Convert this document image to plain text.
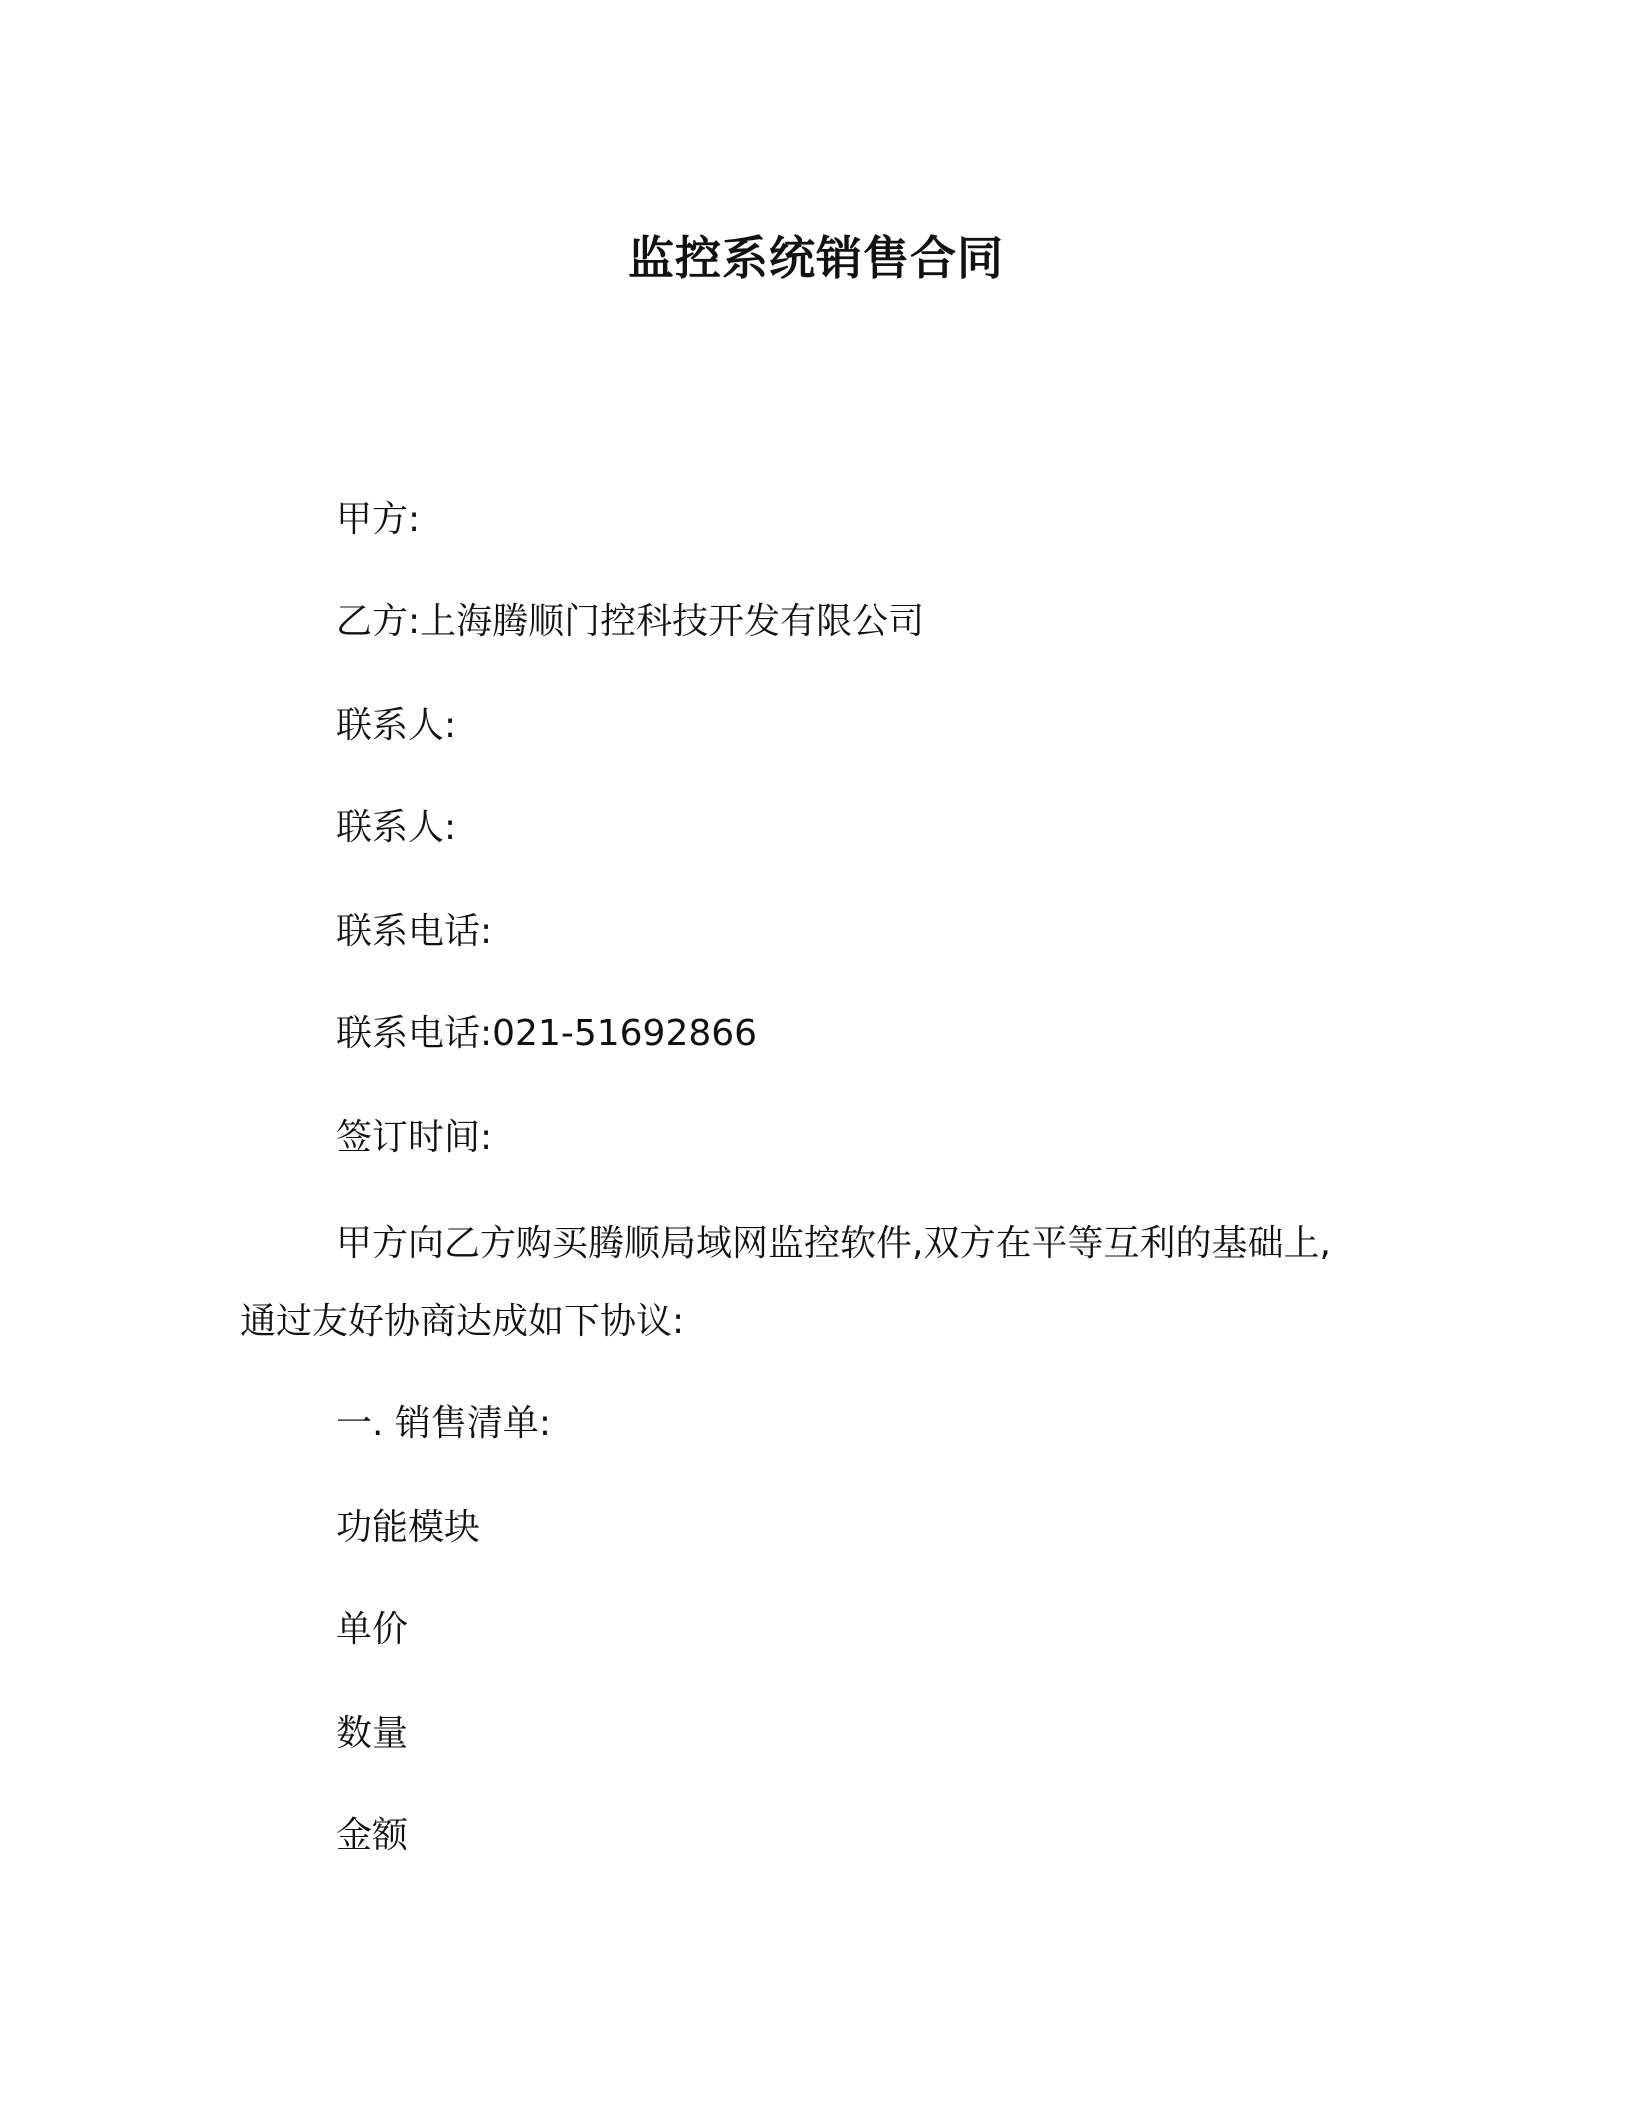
监控系统销售合同

甲方:

乙方:上海腾顺门控科技开发有限公司

联系人:

联系人:

联系电话:

联系电话:021-51692866

签订时间:

甲方向乙方购买腾顺局域网监控软件,双方在平等互利的基础上,

通过友好协商达成如下协议:

一. 销售清单:

功能模块

单价

数量

金额
